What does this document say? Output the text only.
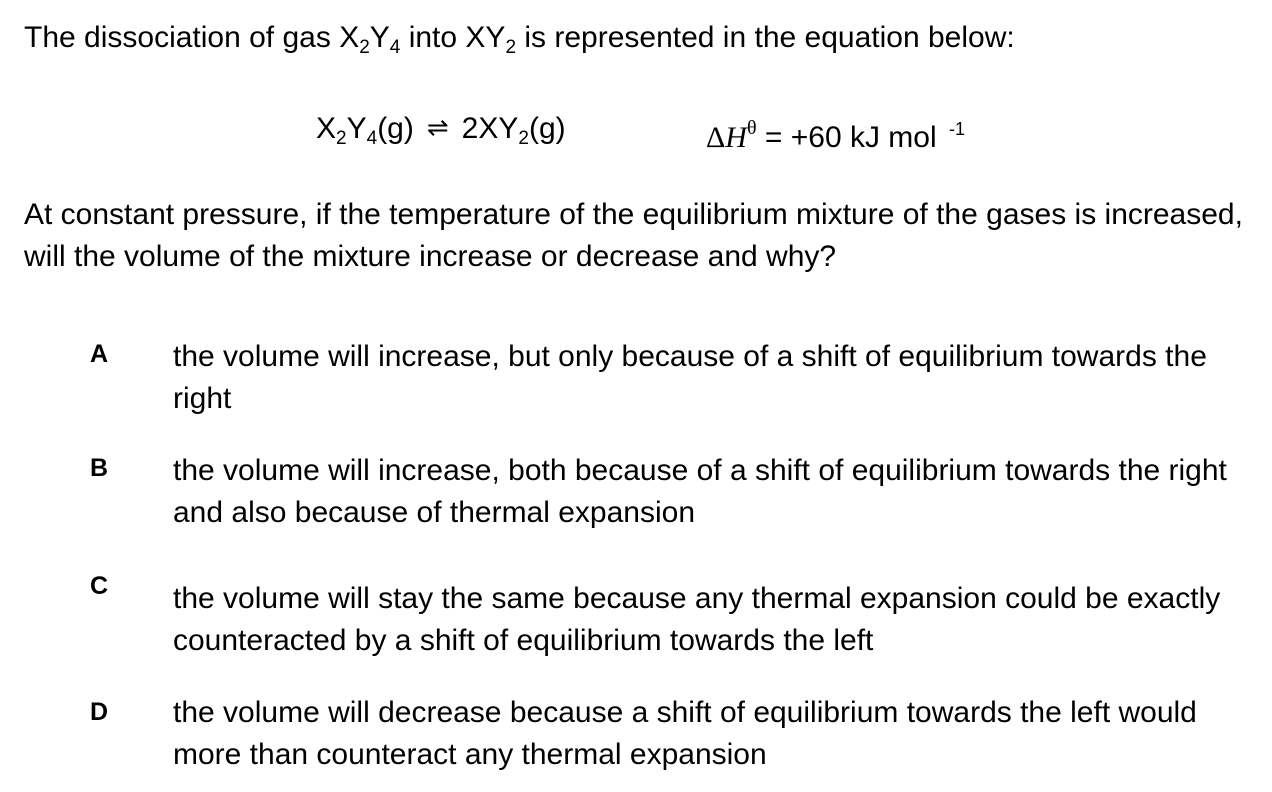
The dissociation of gas $X_2Y_4$ into $XY_2$ is represented in the equation below:
$X_2Y_4(g)$ ⇌ $2XY_2(g)$	$\Delta H^\theta = +60$ kJ mol $^{-1}$
At constant pressure, if the temperature of the equilibrium mixture of the gases is increased, will the volume of the mixture increase or decrease and why?
A the volume will increase, but only because of a shift of equilibrium towards the right
B the volume will increase, both because of a shift of equilibrium towards the right and also because of thermal expansion
C the volume will stay the same because any thermal expansion could be exactly counteracted by a shift of equilibrium towards the left
D the volume will decrease because a shift of equilibrium towards the left would more than counteract any thermal expansion
